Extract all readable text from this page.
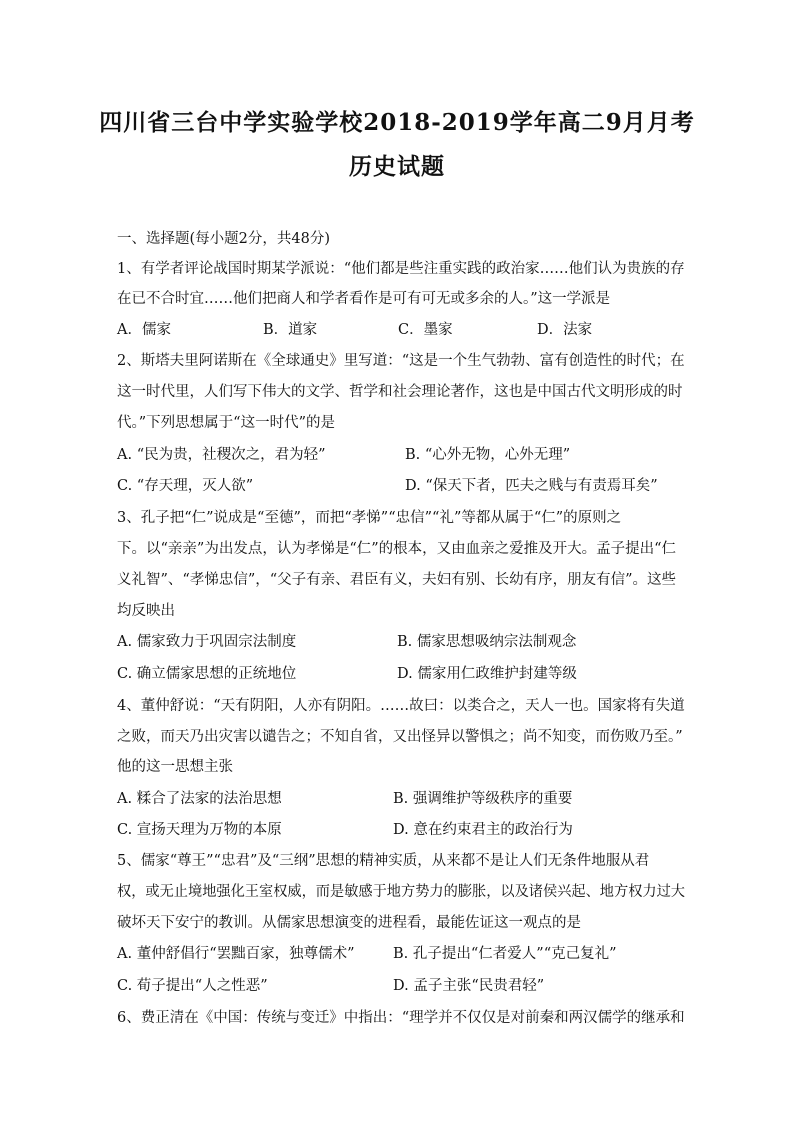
四川省三台中学实验学校2018-2019学年高二9月月考
历史试题
一、选择题(每小题2分，共48分)
1、有学者评论战国时期某学派说：“他们都是些注重实践的政治家……他们认为贵族的存
在已不合时宜……他们把商人和学者看作是可有可无或多余的人。”这一学派是
A．儒家	B．道家	C．墨家	D．法家
2、斯塔夫里阿诺斯在《全球通史》里写道：“这是一个生气勃勃、富有创造性的时代；在
这一时代里，人们写下伟大的文学、哲学和社会理论著作，这也是中国古代文明形成的时
代。”下列思想属于“这一时代”的是
A. “民为贵，社稷次之，君为轻”	B. “心外无物，心外无理”
C. “存天理，灭人欲”	D. “保天下者，匹夫之贱与有责焉耳矣”
3、孔子把“仁”说成是“至德”，而把“孝悌”“忠信”“礼”等都从属于“仁”的原则之
下。以“亲亲”为出发点，认为孝悌是“仁”的根本，又由血亲之爱推及开大。孟子提出“仁
义礼智”、“孝悌忠信”，“父子有亲、君臣有义，夫妇有别、长幼有序，朋友有信”。这些
均反映出
A. 儒家致力于巩固宗法制度	B. 儒家思想吸纳宗法制观念
C. 确立儒家思想的正统地位	D. 儒家用仁政维护封建等级
4、董仲舒说：“天有阴阳，人亦有阴阳。……故曰：以类合之，天人一也。国家将有失道
之败，而天乃出灾害以谴告之；不知自省，又出怪异以警惧之；尚不知变，而伤败乃至。”
他的这一思想主张
A. 糅合了法家的法治思想	B. 强调维护等级秩序的重要
C. 宣扬天理为万物的本原	D. 意在约束君主的政治行为
5、儒家“尊王”“忠君”及“三纲”思想的精神实质，从来都不是让人们无条件地服从君
权，或无止境地强化王室权威，而是敏感于地方势力的膨胀，以及诸侯兴起、地方权力过大
破坏天下安宁的教训。从儒家思想演变的进程看，最能佐证这一观点的是
A. 董仲舒倡行“罢黜百家，独尊儒术”	B. 孔子提出“仁者爱人”“克己复礼”
C. 荀子提出“人之性恶”	D. 孟子主张“民贵君轻”
6、费正清在《中国：传统与变迁》中指出：“理学并不仅仅是对前秦和两汉儒学的继承和
